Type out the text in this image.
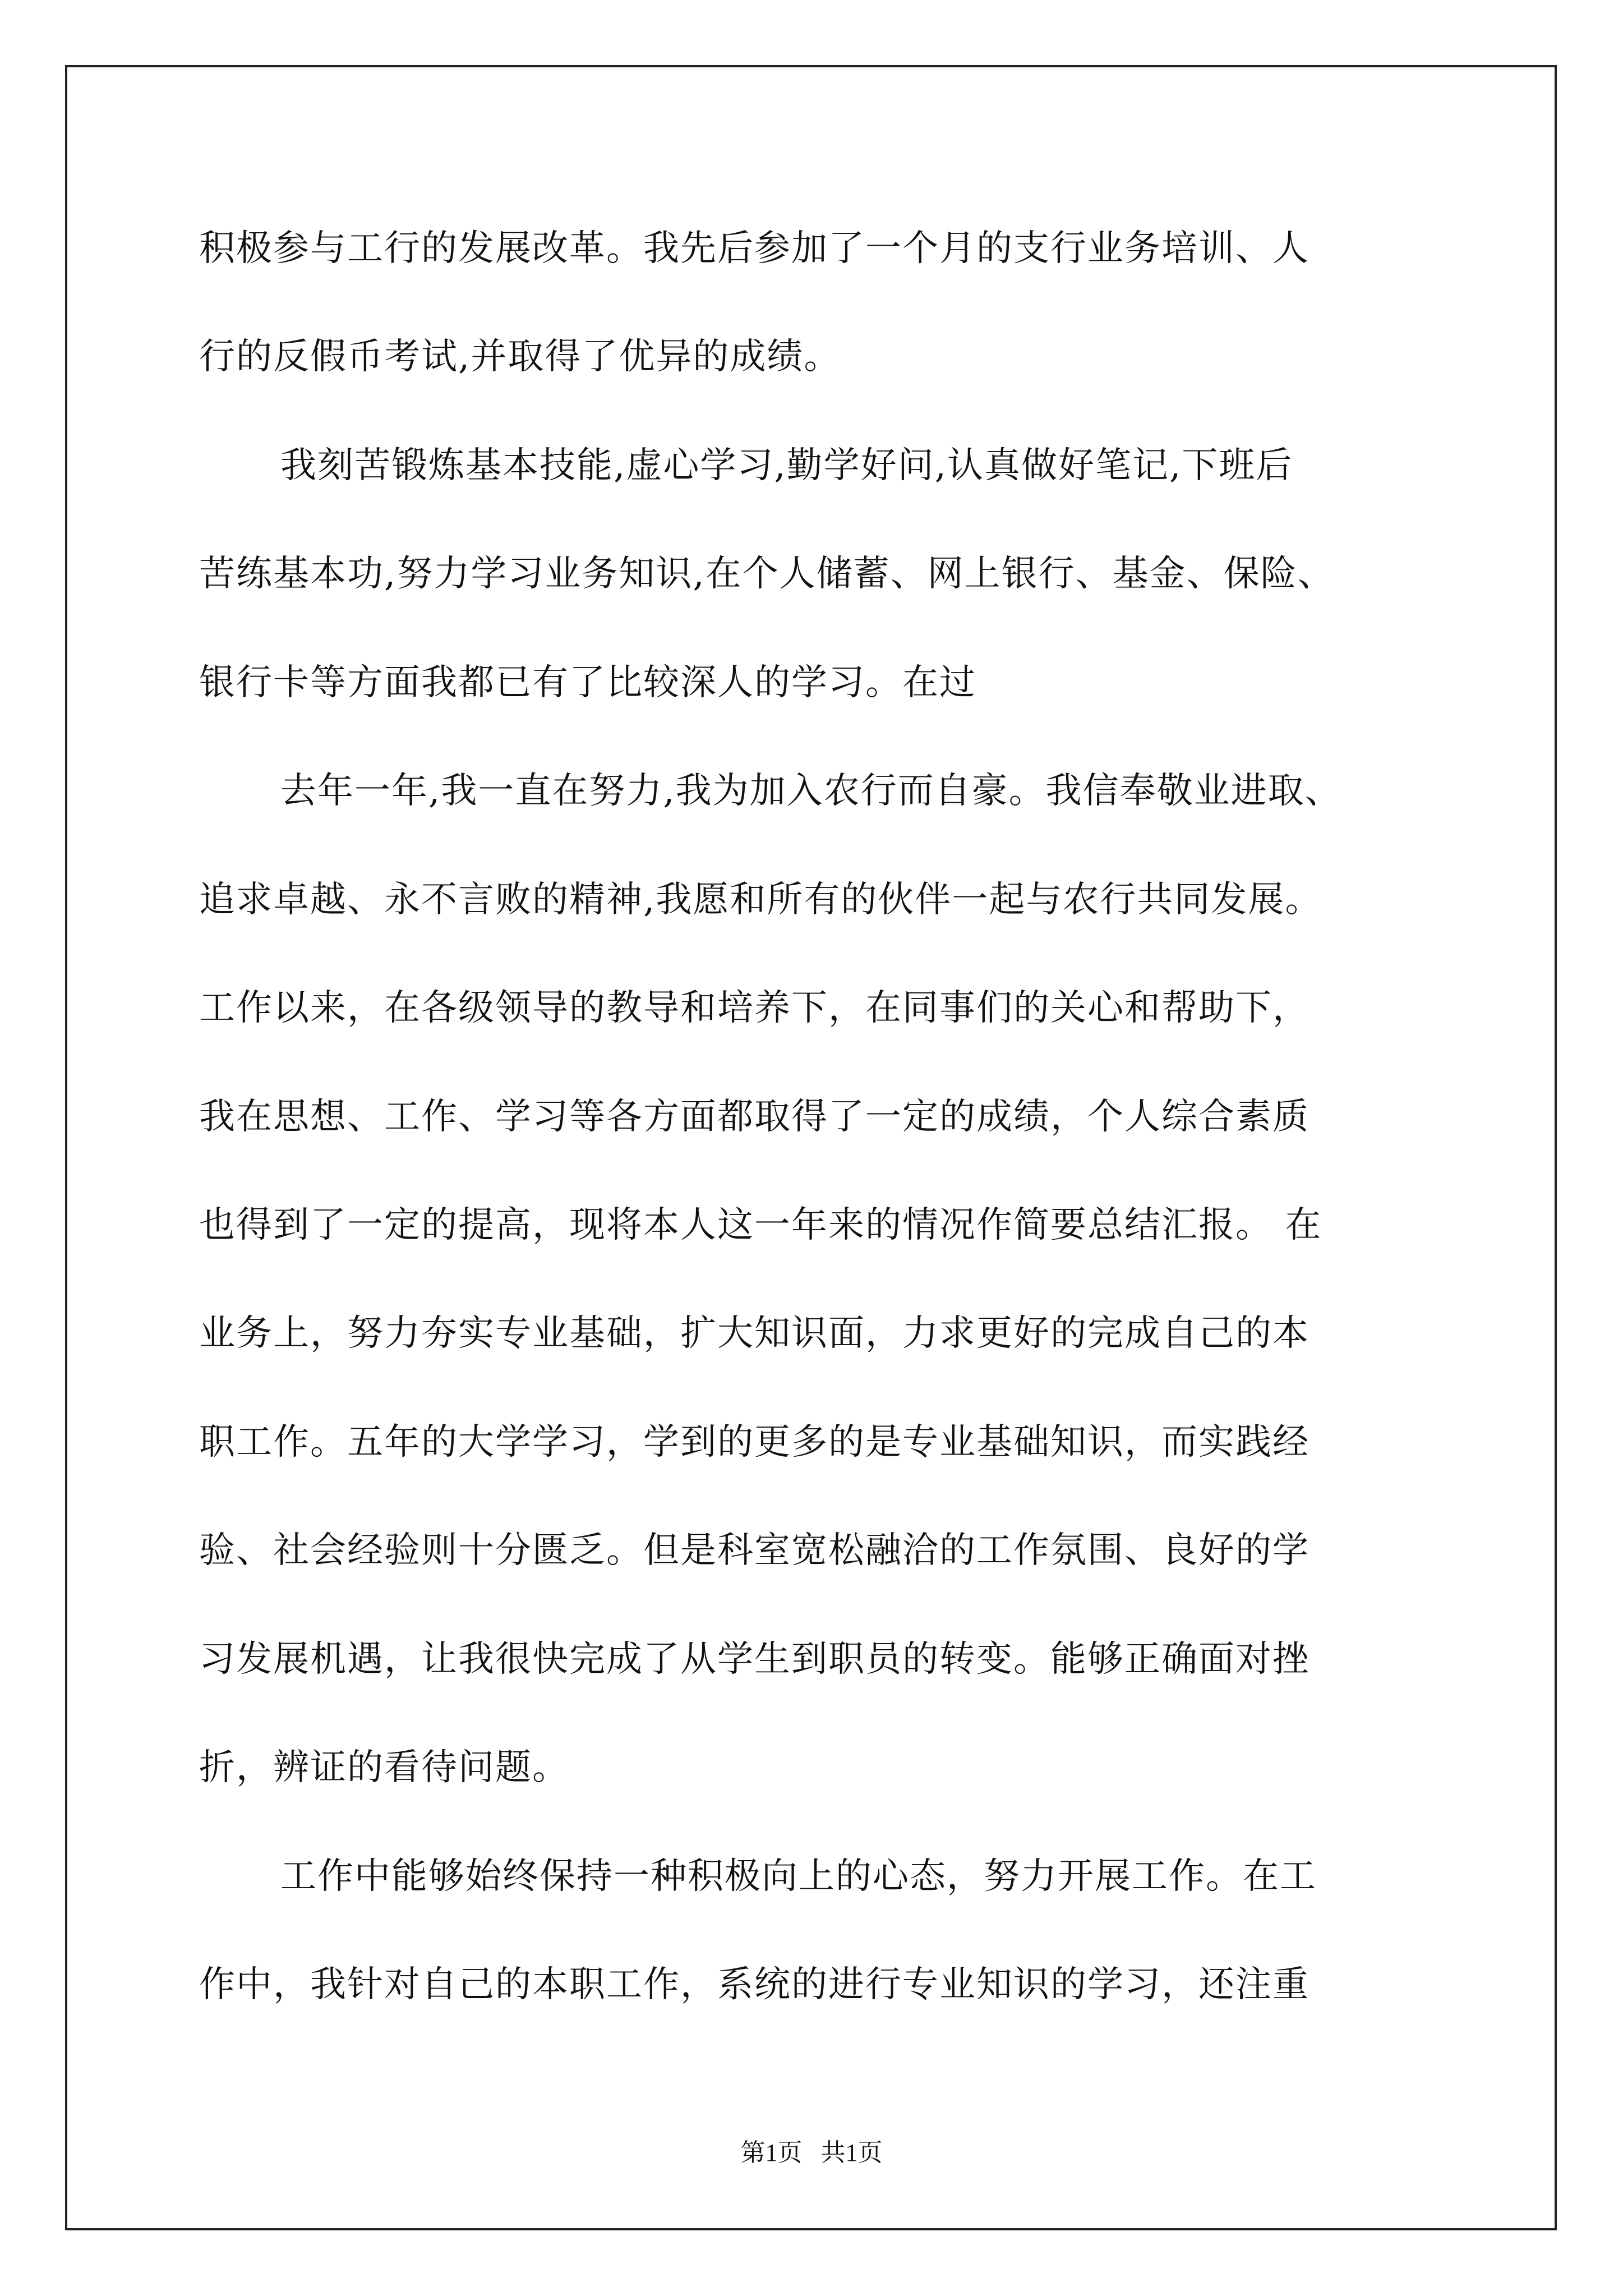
积极参与工行的发展改革。我先后参加了一个月的支行业务培训、人
行的反假币考试,并取得了优异的成绩。
我刻苦锻炼基本技能,虚心学习,勤学好问,认真做好笔记,下班后
苦练基本功,努力学习业务知识,在个人储蓄、网上银行、基金、保险、
银行卡等方面我都已有了比较深人的学习。在过
去年一年,我一直在努力,我为加入农行而自豪。我信奉敬业进取、
追求卓越、永不言败的精神,我愿和所有的伙伴一起与农行共同发展。
工作以来，在各级领导的教导和培养下，在同事们的关心和帮助下，
我在思想、工作、学习等各方面都取得了一定的成绩，个人综合素质
也得到了一定的提高，现将本人这一年来的情况作简要总结汇报。 在
业务上，努力夯实专业基础，扩大知识面，力求更好的完成自己的本
职工作。五年的大学学习，学到的更多的是专业基础知识，而实践经
验、社会经验则十分匮乏。但是科室宽松融洽的工作氛围、良好的学
习发展机遇，让我很快完成了从学生到职员的转变。能够正确面对挫
折，辨证的看待问题。
工作中能够始终保持一种积极向上的心态，努力开展工作。在工
作中，我针对自己的本职工作，系统的进行专业知识的学习，还注重
第1页   共1页
